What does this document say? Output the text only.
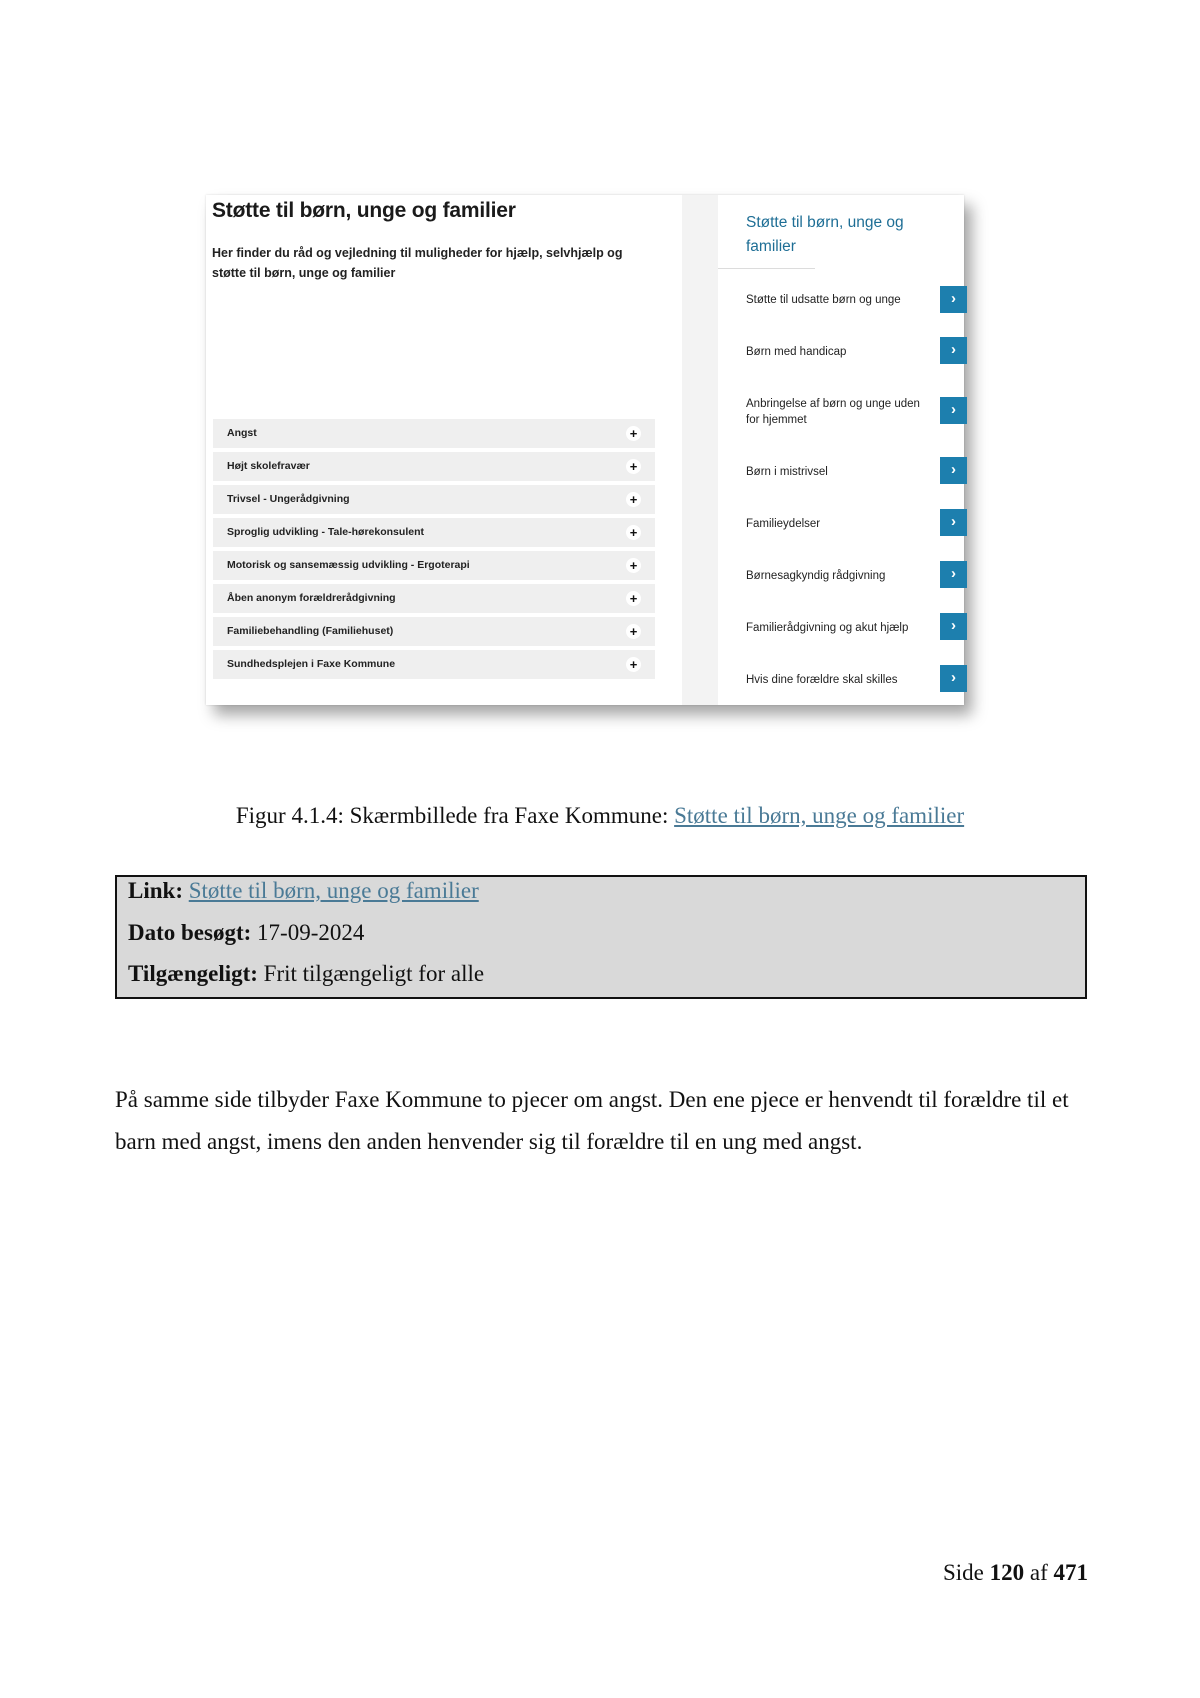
Støtte til børn, unge og familier
Her finder du råd og vejledning til muligheder for hjælp, selvhjælp og støtte til børn, unge og familier
Angst	+
Højt skolefravær	+
Trivsel - Ungerådgivning	+
Sproglig udvikling - Tale-hørekonsulent	+
Motorisk og sansemæssig udvikling - Ergoterapi	+
Åben anonym forældrerådgivning	+
Familiebehandling (Familiehuset)	+
Sundhedsplejen i Faxe Kommune	+
Støtte til børn, unge og familier
Støtte til udsatte børn og unge	›
Børn med handicap	›
Anbringelse af børn og unge uden for hjemmet
›
Børn i mistrivsel	›
Familieydelser	›
Børnesagkyndig rådgivning	›
Familierådgivning og akut hjælp	›
Hvis dine forældre skal skilles	›
Figur 4.1.4: Skærmbillede fra Faxe Kommune: Støtte til børn, unge og familier
Link: Støtte til børn, unge og familier
Dato besøgt: 17-09-2024
Tilgængeligt: Frit tilgængeligt for alle
På samme side tilbyder Faxe Kommune to pjecer om angst. Den ene pjece er henvendt til forældre til et barn med angst, imens den anden henvender sig til forældre til en ung med angst.
Side 120 af 471
